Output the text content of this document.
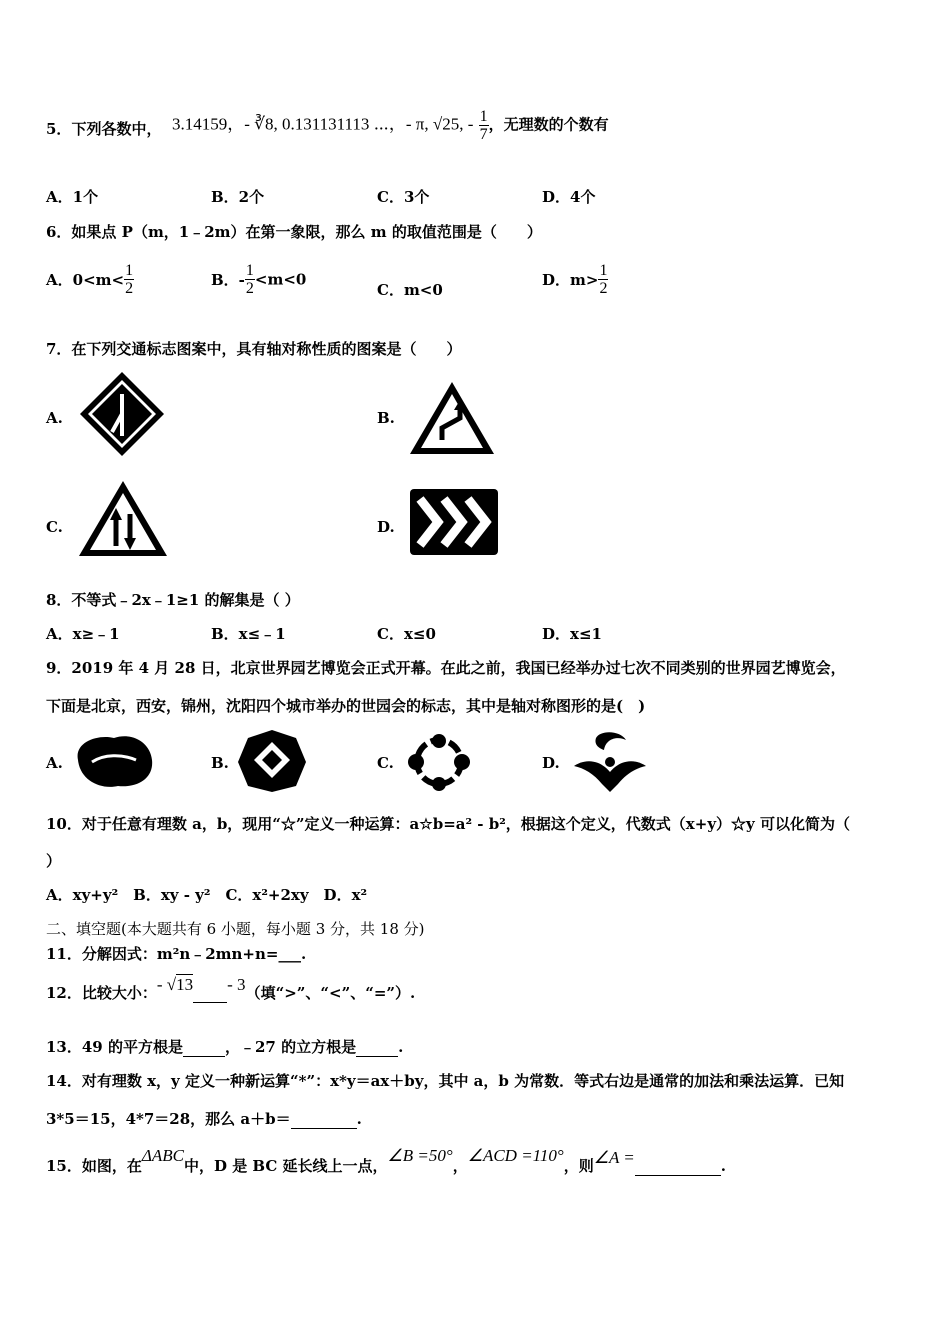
5．下列各数中， 3.14159，- ∛8, 0.131131113 ⋯，- π, √25, - $\frac{1}{7}$ ，无理数的个数有
A．1个	B．2个	C．3个	D．4个
6．如果点 P（m，1﹣2m）在第一象限，那么 m 的取值范围是（　　）
A．$0<m< \frac{1}{2}$	B．- $\frac{1}{2} <m<0$
C．m<0
D．$m> \frac{1}{2}$
7．在下列交通标志图案中，具有轴对称性质的图案是（　　）
A.	B.
C.	D.
8．不等式﹣2x﹣1≥1 的解集是（ ）
A．x≥﹣1	B．x≤﹣1	C．x≤0	D．x≤1
9．2019 年 4 月 28 日，北京世界园艺博览会正式开幕。在此之前，我国已经举办过七次不同类别的世界园艺博览会，
下面是北京，西安，锦州，沈阳四个城市举办的世园会的标志，其中是轴对称图形的是(　)
A.	B.	C.	D.
10．对于任意有理数 a，b，现用“☆”定义一种运算：a☆b=a² - b²，根据这个定义，代数式（x+y）☆y 可以化简为（
）
A．xy+y²　B．xy - y²　C．x²+2xy　D．x²
二、填空题(本大题共有 6 小题，每小题 3 分，共 18 分)
11．分解因式：m²n﹣2mn+n=___.
12．比较大小：- √13 - 3（填“>”、“<”、“=”）.
13．49 的平方根是	，﹣27 的立方根是	.
14．对有理数 x，y 定义一种新运算“*”：x*y＝ax＋by，其中 a，b 为常数．等式右边是通常的加法和乘法运算．已知
3*5＝15，4*7＝28，那么 a＋b＝	.
15．如图，在ΔABC中，D 是 BC 延长线上一点，∠B =50°，∠ACD =110°，则∠A =	.
